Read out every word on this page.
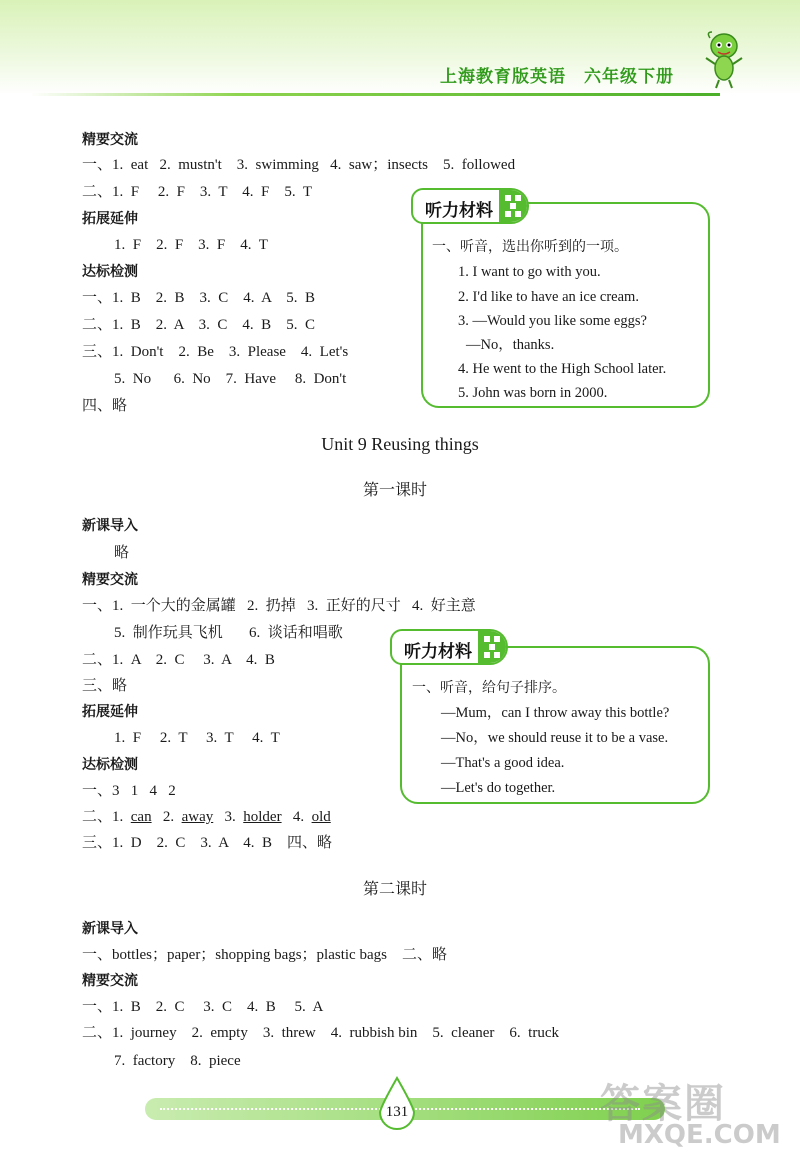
上海教育版英语　六年级下册
精要交流
一、1.  eat   2.  mustn't    3.  swimming   4.  saw；insects    5.  followed
二、1.  F     2.  F    3.  T    4.  F    5.  T
拓展延伸
1.  F    2.  F    3.  F    4.  T
达标检测
一、1.  B    2.  B    3.  C    4.  A    5.  B
二、1.  B    2.  A    3.  C    4.  B    5.  C
三、1.  Don't    2.  Be    3.  Please    4.  Let's
5.  No      6.  No    7.  Have     8.  Don't
四、略
听力材料
一、听音，选出你听到的一项。
1. I want to go with you.
2. I'd like to have an ice cream.
3. —Would you like some eggs?
—No，thanks.
4. He went to the High School later.
5. John was born in 2000.
Unit 9 Reusing things
第一课时
新课导入
略
精要交流
一、1.  一个大的金属罐   2.  扔掉   3.  正好的尺寸   4.  好主意
5.  制作玩具飞机       6.  谈话和唱歌
二、1.  A    2.  C     3.  A    4.  B
三、略
拓展延伸
1.  F     2.  T     3.  T     4.  T
达标检测
一、3   1   4   2
二、1.  can   2.  away   3.  holder   4.  old
三、1.  D    2.  C    3.  A    4.  B    四、略
听力材料
一、听音，给句子排序。
—Mum，can I throw away this bottle?
—No，we should reuse it to be a vase.
—That's a good idea.
—Let's do together.
第二课时
新课导入
一、bottles；paper；shopping bags；plastic bags    二、略
精要交流
一、1.  B    2.  C     3.  C    4.  B     5.  A
二、1.  journey    2.  empty    3.  threw    4.  rubbish bin    5.  cleaner    6.  truck
7.  factory    8.  piece
131	答案圈
MXQE.COM
